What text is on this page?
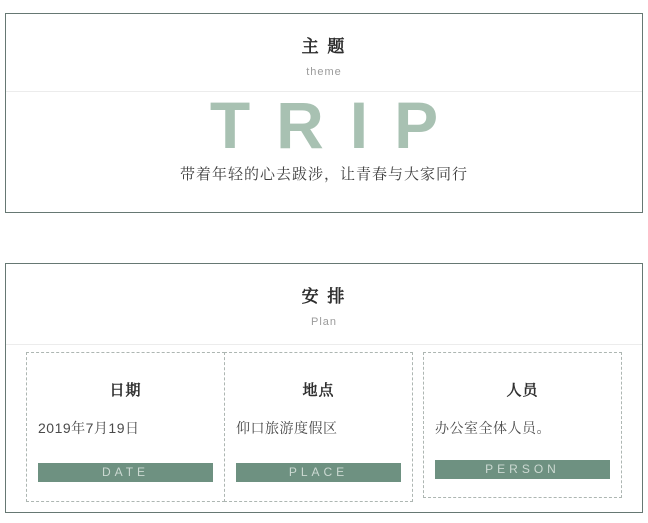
主 题
theme
TRIP
带着年轻的心去跋涉，让青春与大家同行
安 排
Plan
日期
2019年7月19日
DATE
地点
仰口旅游度假区
PLACE
人员
办公室全体人员。
PERSON
